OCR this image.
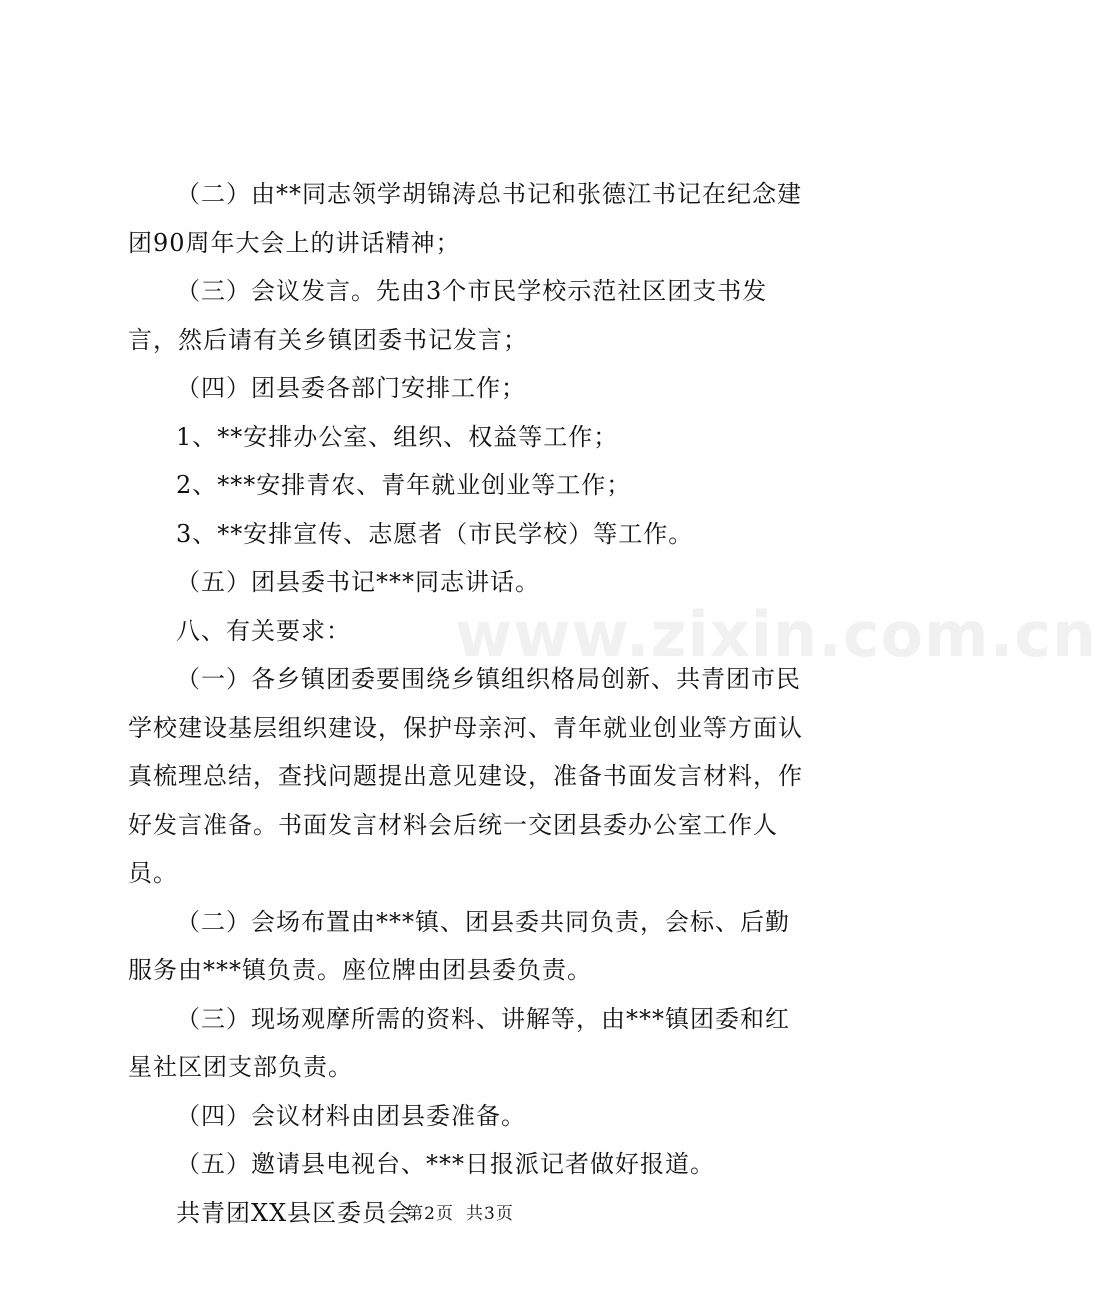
www.zixin.com.cn

（二）由**同志领学胡锦涛总书记和张德江书记在纪念建团90周年大会上的讲话精神；

（三）会议发言。先由3个市民学校示范社区团支书发言，然后请有关乡镇团委书记发言；

（四）团县委各部门安排工作；

1、**安排办公室、组织、权益等工作；

2、***安排青农、青年就业创业等工作；

3、**安排宣传、志愿者（市民学校）等工作。

（五）团县委书记***同志讲话。

八、有关要求：

（一）各乡镇团委要围绕乡镇组织格局创新、共青团市民学校建设基层组织建设，保护母亲河、青年就业创业等方面认真梳理总结，查找问题提出意见建设，准备书面发言材料，作好发言准备。书面发言材料会后统一交团县委办公室工作人员。

（二）会场布置由***镇、团县委共同负责，会标、后勤服务由***镇负责。座位牌由团县委负责。

（三）现场观摩所需的资料、讲解等，由***镇团委和红星社区团支部负责。

（四）会议材料由团县委准备。

（五）邀请县电视台、***日报派记者做好报道。

共青团XX县区委员会

第2页 共3页
